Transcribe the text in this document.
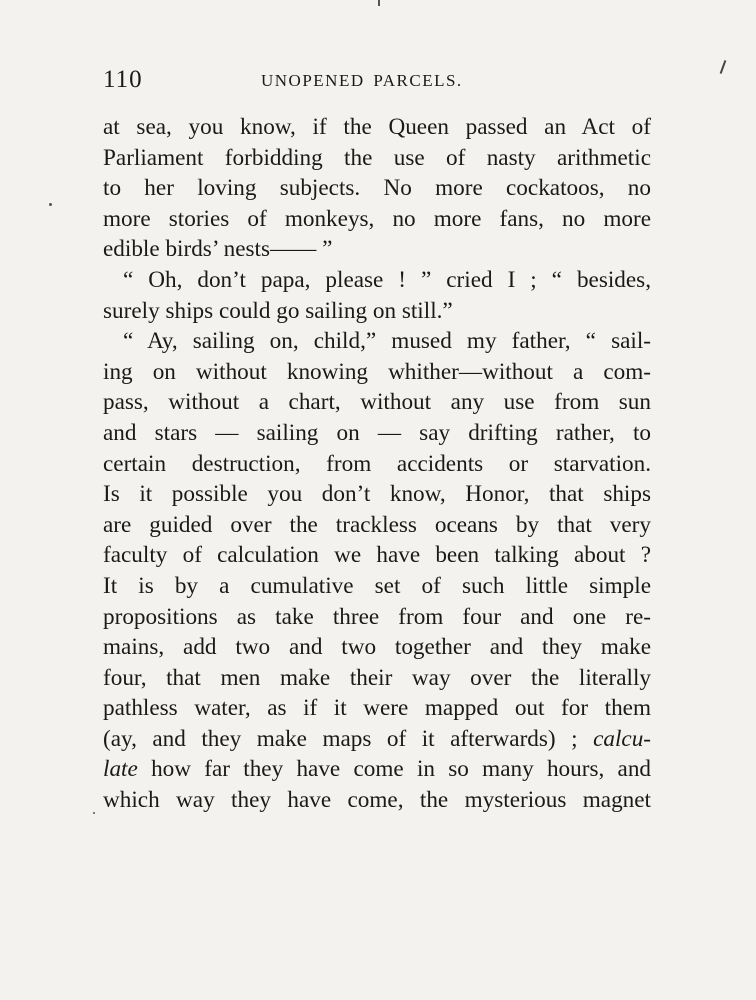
110	UNOPENED PARCELS.
at sea, you know, if the Queen passed an Act of
Parliament forbidding the use of nasty arithmetic
to her loving subjects. No more cockatoos, no
more stories of monkeys, no more fans, no more
edible birds’ nests—— ”
“ Oh, don’t papa, please ! ” cried I ; “ besides,
surely ships could go sailing on still.”
“ Ay, sailing on, child,” mused my father, “ sail-
ing on without knowing whither—without a com-
pass, without a chart, without any use from sun
and stars — sailing on — say drifting rather, to
certain destruction, from accidents or starvation.
Is it possible you don’t know, Honor, that ships
are guided over the trackless oceans by that very
faculty of calculation we have been talking about ?
It is by a cumulative set of such little simple
propositions as take three from four and one re-
mains, add two and two together and they make
four, that men make their way over the literally
pathless water, as if it were mapped out for them
(ay, and they make maps of it afterwards) ; calcu-
late how far they have come in so many hours, and
which way they have come, the mysterious magnet
